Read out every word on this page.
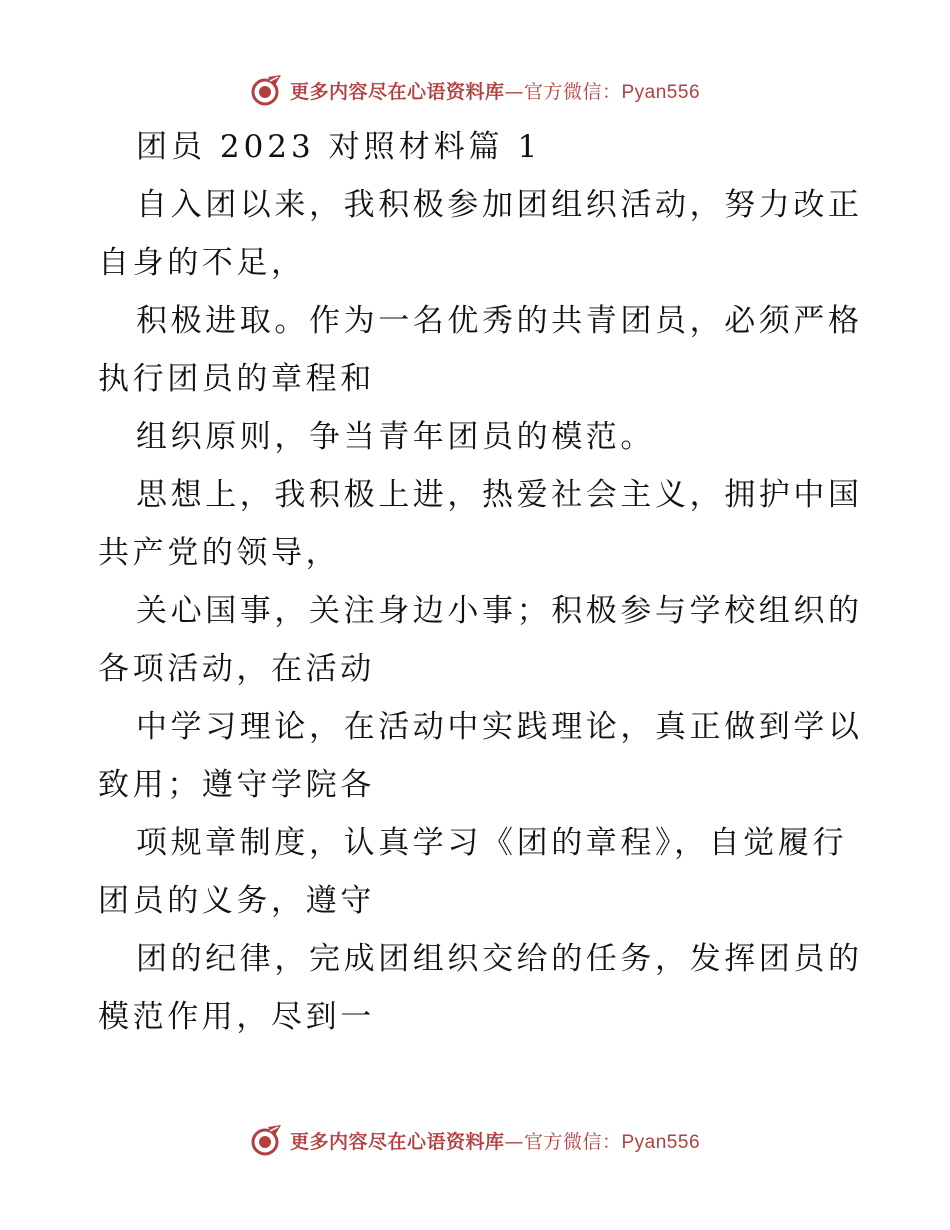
更多内容尽在心语资料库—官方微信：Pyan556
团员 2023 对照材料篇 1
自入团以来，我积极参加团组织活动，努力改正
自身的不足，
积极进取。作为一名优秀的共青团员，必须严格
执行团员的章程和
组织原则，争当青年团员的模范。
思想上，我积极上进，热爱社会主义，拥护中国
共产党的领导，
关心国事，关注身边小事；积极参与学校组织的
各项活动，在活动
中学习理论，在活动中实践理论，真正做到学以
致用；遵守学院各
项规章制度，认真学习《团的章程》，自觉履行
团员的义务，遵守
团的纪律，完成团组织交给的任务，发挥团员的
模范作用，尽到一
更多内容尽在心语资料库—官方微信：Pyan556
